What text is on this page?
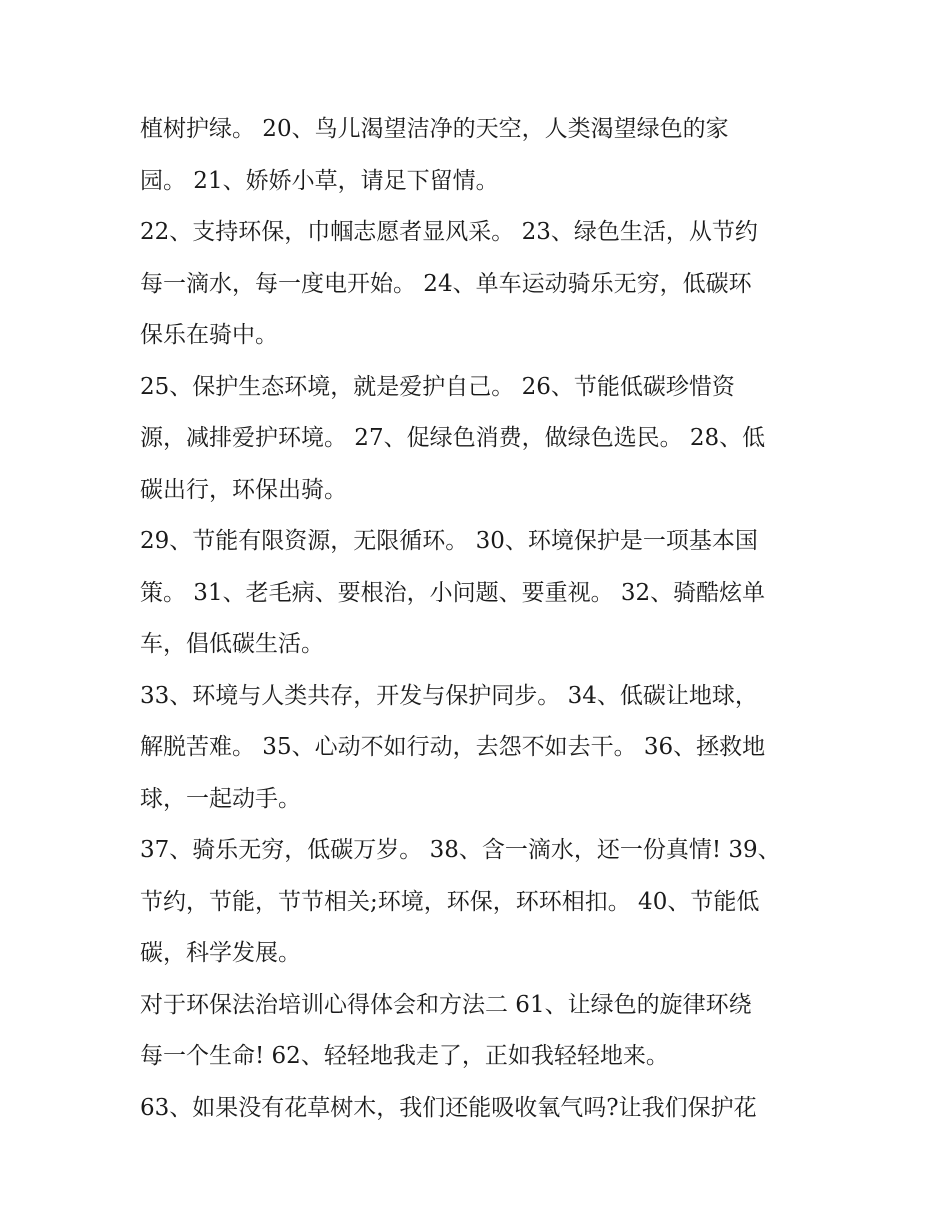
植树护绿。 20、鸟儿渴望洁净的天空，人类渴望绿色的家
园。 21、娇娇小草，请足下留情。
22、支持环保，巾帼志愿者显风采。 23、绿色生活，从节约
每一滴水，每一度电开始。 24、单车运动骑乐无穷，低碳环
保乐在骑中。
25、保护生态环境，就是爱护自己。 26、节能低碳珍惜资
源，减排爱护环境。 27、促绿色消费，做绿色选民。 28、低
碳出行，环保出骑。
29、节能有限资源，无限循环。 30、环境保护是一项基本国
策。 31、老毛病、要根治，小问题、要重视。 32、骑酷炫单
车，倡低碳生活。
33、环境与人类共存，开发与保护同步。 34、低碳让地球，
解脱苦难。 35、心动不如行动，去怨不如去干。 36、拯救地
球，一起动手。
37、骑乐无穷，低碳万岁。 38、含一滴水，还一份真情! 39、
节约，节能，节节相关;环境，环保，环环相扣。 40、节能低
碳，科学发展。
对于环保法治培训心得体会和方法二 61、让绿色的旋律环绕
每一个生命! 62、轻轻地我走了，正如我轻轻地来。
63、如果没有花草树木，我们还能吸收氧气吗?让我们保护花
